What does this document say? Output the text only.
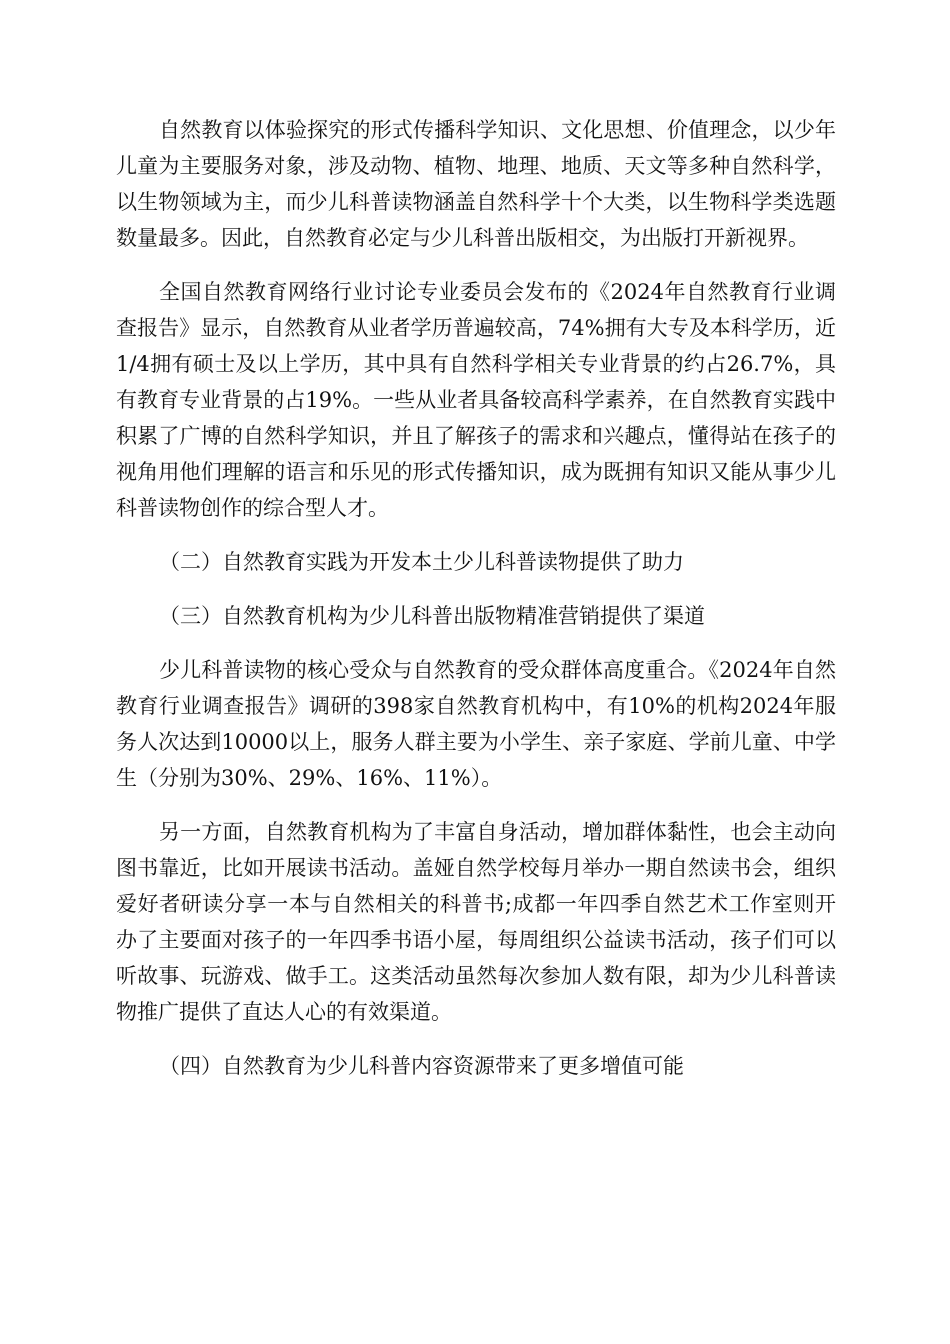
自然教育以体验探究的形式传播科学知识、文化思想、价值理念，以少年儿童为主要服务对象，涉及动物、植物、地理、地质、天文等多种自然科学，以生物领域为主，而少儿科普读物涵盖自然科学十个大类，以生物科学类选题数量最多。因此，自然教育必定与少儿科普出版相交，为出版打开新视界。

全国自然教育网络行业讨论专业委员会发布的《2024年自然教育行业调查报告》显示，自然教育从业者学历普遍较高，74%拥有大专及本科学历，近1/4拥有硕士及以上学历，其中具有自然科学相关专业背景的约占26.7%，具有教育专业背景的占19%。一些从业者具备较高科学素养，在自然教育实践中积累了广博的自然科学知识，并且了解孩子的需求和兴趣点，懂得站在孩子的视角用他们理解的语言和乐见的形式传播知识，成为既拥有知识又能从事少儿科普读物创作的综合型人才。

（二）自然教育实践为开发本土少儿科普读物提供了助力

（三）自然教育机构为少儿科普出版物精准营销提供了渠道

少儿科普读物的核心受众与自然教育的受众群体高度重合。《2024年自然教育行业调查报告》调研的398家自然教育机构中，有10%的机构2024年服务人次达到10000以上，服务人群主要为小学生、亲子家庭、学前儿童、中学生（分别为30%、29%、16%、11%）。

另一方面，自然教育机构为了丰富自身活动，增加群体黏性，也会主动向图书靠近，比如开展读书活动。盖娅自然学校每月举办一期自然读书会，组织爱好者研读分享一本与自然相关的科普书;成都一年四季自然艺术工作室则开办了主要面对孩子的一年四季书语小屋，每周组织公益读书活动，孩子们可以听故事、玩游戏、做手工。这类活动虽然每次参加人数有限，却为少儿科普读物推广提供了直达人心的有效渠道。

（四）自然教育为少儿科普内容资源带来了更多增值可能
